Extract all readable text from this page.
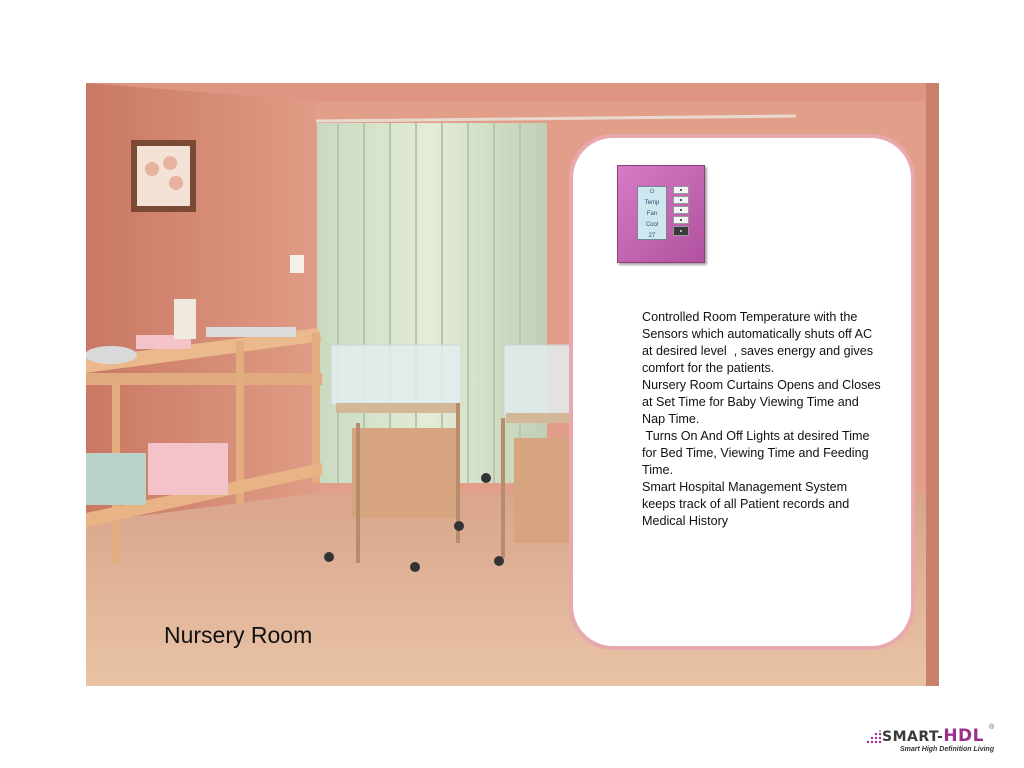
Nursery Room
⏻
Temp
Fan
Cool
27

Controlled Room Temperature with the  Sensors which automatically shuts off AC at desired level  , saves energy and gives comfort for the patients.

Nursery Room Curtains Opens and Closes at Set Time for Baby Viewing Time and Nap Time.

Turns On And Off Lights at desired Time for Bed Time, Viewing Time and Feeding Time.

Smart Hospital Management System keeps track of all Patient records and Medical History

SMART-HDL ®
Smart High Definition Living
